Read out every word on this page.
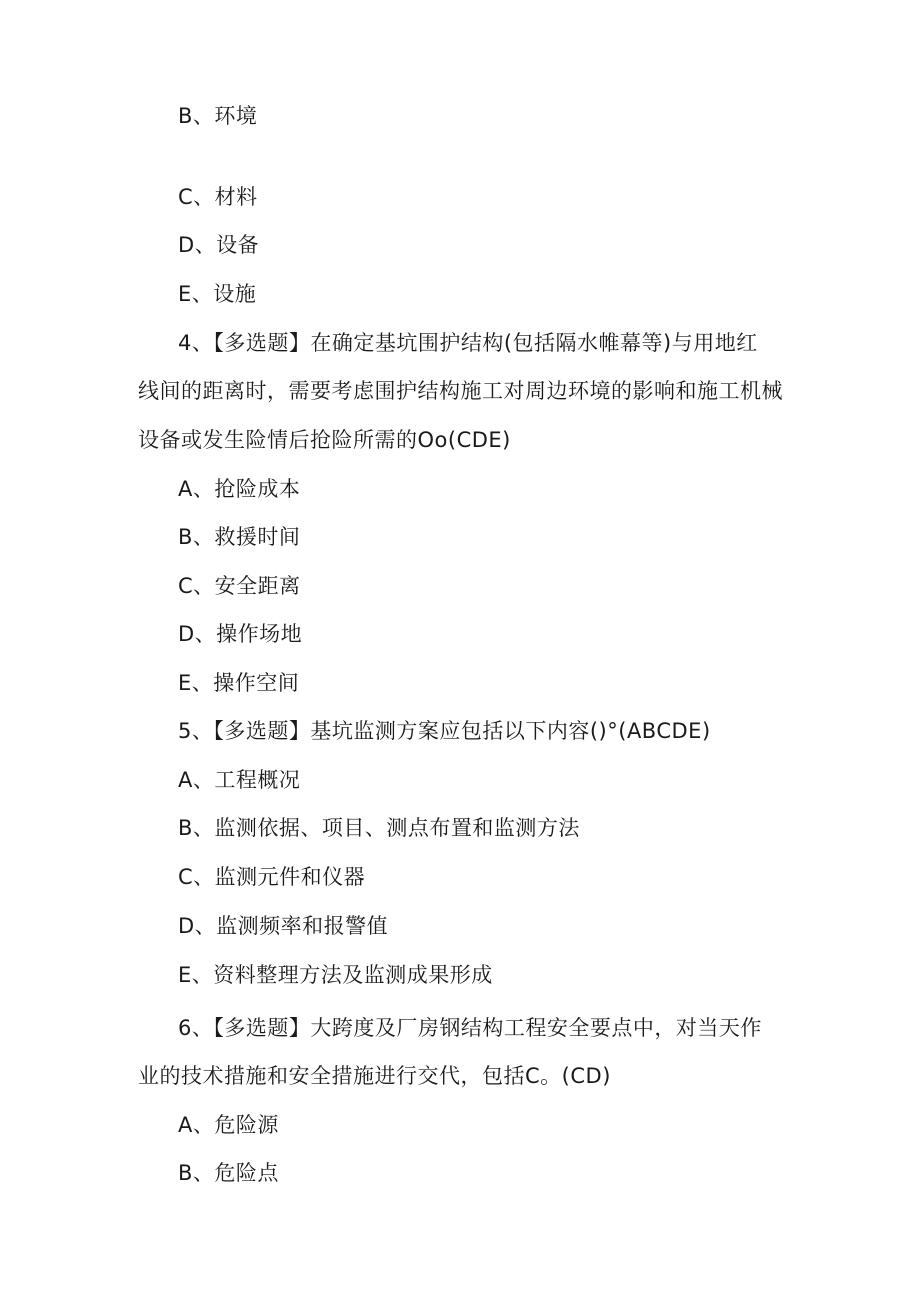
B、环境
C、材料
D、设备
E、设施
4、【多选题】在确定基坑围护结构(包括隔水帷幕等)与用地红
线间的距离时，需要考虑围护结构施工对周边环境的影响和施工机械
设备或发生险情后抢险所需的Oo(CDE)
A、抢险成本
B、救援时间
C、安全距离
D、操作场地
E、操作空间
5、【多选题】基坑监测方案应包括以下内容()°(ABCDE)
A、工程概况
B、监测依据、项目、测点布置和监测方法
C、监测元件和仪器
D、监测频率和报警值
E、资料整理方法及监测成果形成
6、【多选题】大跨度及厂房钢结构工程安全要点中，对当天作
业的技术措施和安全措施进行交代，包括C。(CD)
A、危险源
B、危险点
